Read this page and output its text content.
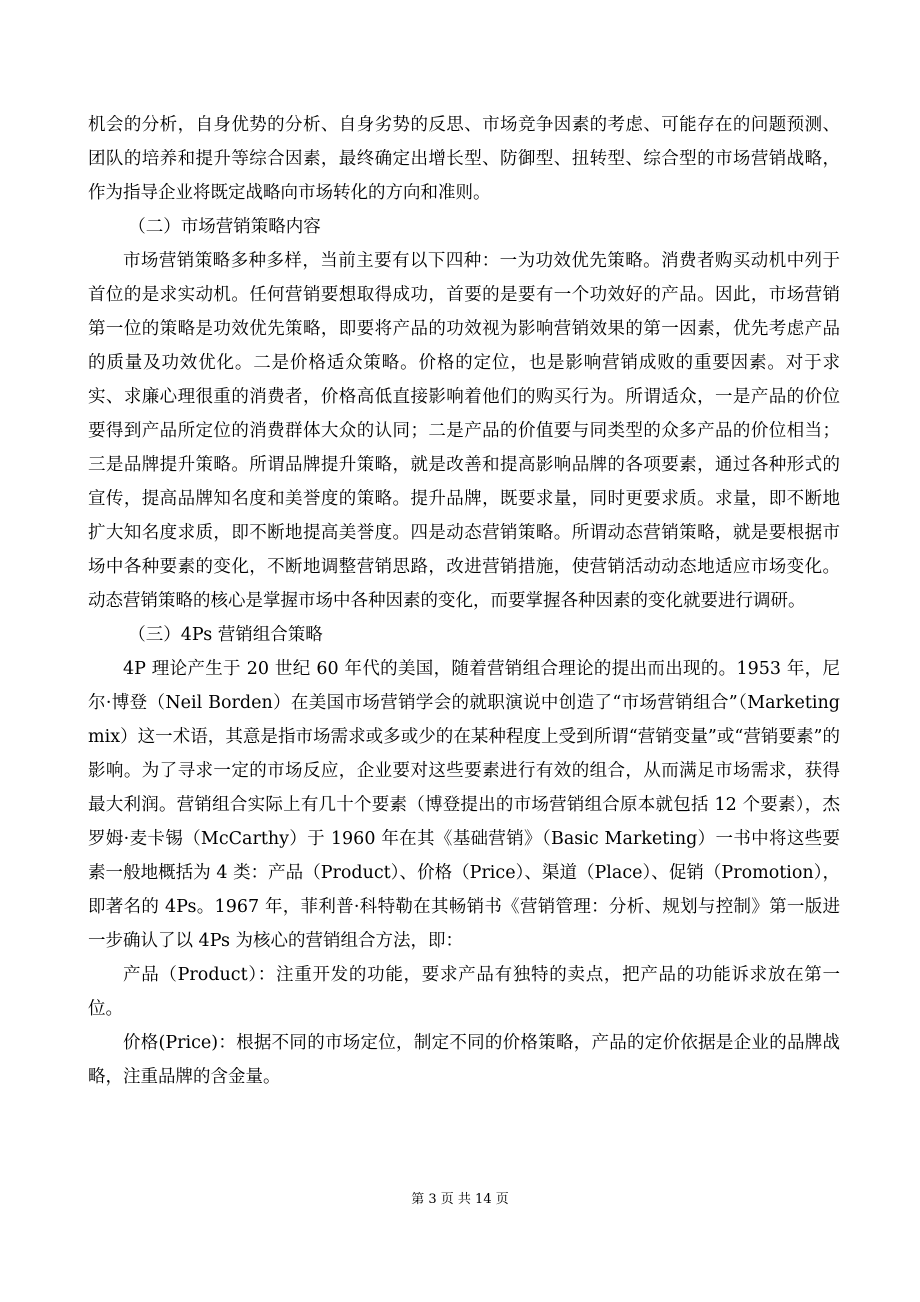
机会的分析，自身优势的分析、自身劣势的反思、市场竞争因素的考虑、可能存在的问题预测、团队的培养和提升等综合因素，最终确定出增长型、防御型、扭转型、综合型的市场营销战略，作为指导企业将既定战略向市场转化的方向和准则。

（二）市场营销策略内容

市场营销策略多种多样，当前主要有以下四种：一为功效优先策略。消费者购买动机中列于首位的是求实动机。任何营销要想取得成功，首要的是要有一个功效好的产品。因此，市场营销第一位的策略是功效优先策略，即要将产品的功效视为影响营销效果的第一因素，优先考虑产品的质量及功效优化。二是价格适众策略。价格的定位，也是影响营销成败的重要因素。对于求实、求廉心理很重的消费者，价格高低直接影响着他们的购买行为。所谓适众，一是产品的价位要得到产品所定位的消费群体大众的认同；二是产品的价值要与同类型的众多产品的价位相当；三是品牌提升策略。所谓品牌提升策略，就是改善和提高影响品牌的各项要素，通过各种形式的宣传，提高品牌知名度和美誉度的策略。提升品牌，既要求量，同时更要求质。求量，即不断地扩大知名度求质，即不断地提高美誉度。四是动态营销策略。所谓动态营销策略，就是要根据市场中各种要素的变化，不断地调整营销思路，改进营销措施，使营销活动动态地适应市场变化。动态营销策略的核心是掌握市场中各种因素的变化，而要掌握各种因素的变化就要进行调研。

（三）4Ps 营销组合策略

4P 理论产生于 20 世纪 60 年代的美国，随着营销组合理论的提出而出现的。1953 年，尼尔·博登（Neil Borden）在美国市场营销学会的就职演说中创造了“市场营销组合”（Marketing mix）这一术语，其意是指市场需求或多或少的在某种程度上受到所谓“营销变量”或“营销要素”的影响。为了寻求一定的市场反应，企业要对这些要素进行有效的组合，从而满足市场需求，获得最大利润。营销组合实际上有几十个要素（博登提出的市场营销组合原本就包括 12 个要素），杰罗姆·麦卡锡（McCarthy）于 1960 年在其《基础营销》（Basic Marketing）一书中将这些要素一般地概括为 4 类：产品（Product）、价格（Price）、渠道（Place）、促销（Promotion），即著名的 4Ps。1967 年，菲利普·科特勒在其畅销书《营销管理：分析、规划与控制》第一版进一步确认了以 4Ps 为核心的营销组合方法，即：

产品（Product）：注重开发的功能，要求产品有独特的卖点，把产品的功能诉求放在第一位。

价格(Price)：根据不同的市场定位，制定不同的价格策略，产品的定价依据是企业的品牌战略，注重品牌的含金量。

第 3 页 共 14 页
